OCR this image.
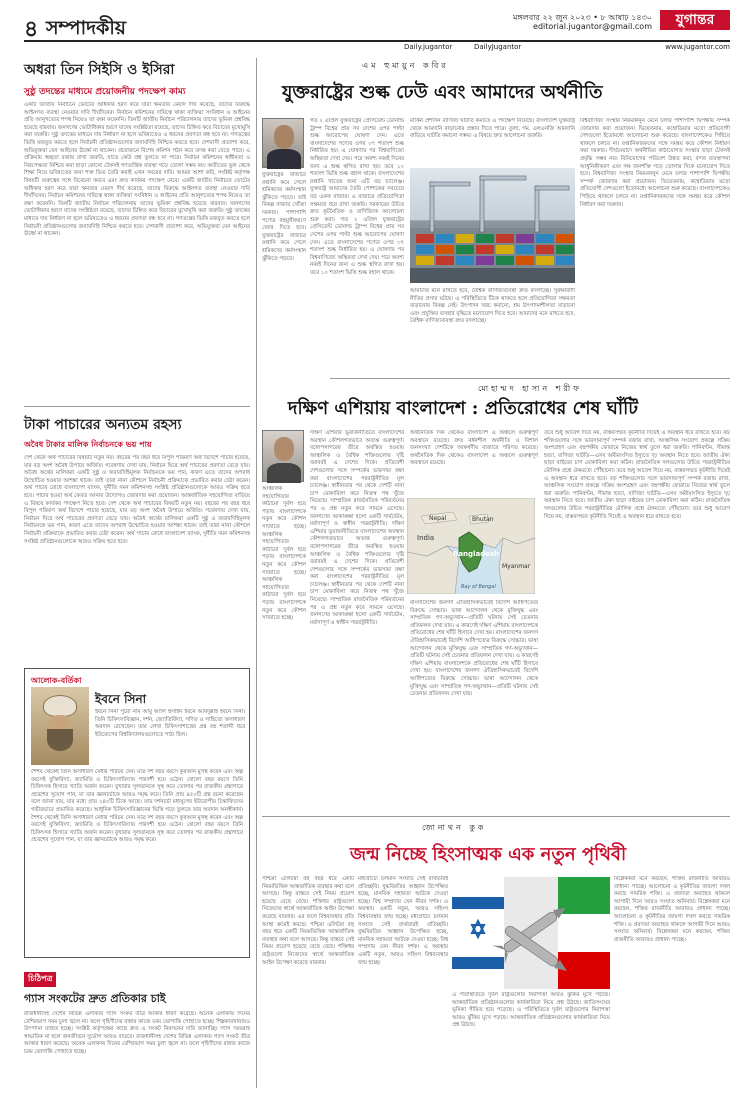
৪ সম্পাদকীয়	মঙ্গলবার ২২ জুন ২০২৩ • ৮ আষাঢ় ১৪৩০
editorial.jugantor@gmail.com	যুগান্তর
Daily.jugantor	DailyJugantor	www.jugantor.com
অধরা তিন সিইসি ও ইসিরা
সুষ্ঠু তদন্তের মাধ্যমে প্রয়োজনীয় পদক্ষেপ কাম্য
একটি জাতীয় নির্বাচনে ভোটের অধিকার হরণ করে যারা ক্ষমতার মেয়াদ দীর্ঘ করেছে, তাদের বিরুদ্ধে আইনগত ব্যবস্থা নেওয়ার দাবি দীর্ঘদিনের। নির্বাচন কমিশনের দায়িত্বে থাকা ব্যক্তিরা সংবিধান ও আইনের প্রতি আনুগত্যের শপথ নিয়েও তা রক্ষা করেননি। তিনটি জাতীয় নির্বাচন পরিচালনায় তাদের ভূমিকা প্রশ্নবিদ্ধ হয়েছে বারবার। জনগণের ভোটাধিকার হরণে যাদের সংশ্লিষ্টতা রয়েছে, তাদের চিহ্নিত করে বিচারের মুখোমুখি করা জরুরি। সুষ্ঠু তদন্তের মাধ্যমে দায় নির্ধারণ না হলে ভবিষ্যতেও এ ধরনের প্রবণতা বন্ধ হবে না। গণতন্ত্রের ভিত্তি মজবুত করতে হলে নির্বাচনী প্রতিষ্ঠানগুলোর জবাবদিহি নিশ্চিত করতে হবে। দেশবাসী প্রত্যাশা করে, অভিযুক্তরা যেন আইনের ঊর্ধ্বে না থাকেন। প্রয়োজনে বিশেষ কমিশন গঠন করে তদন্ত করা যেতে পারে। এ প্রক্রিয়ায় স্বচ্ছতা বজায় রাখা জরুরি, যাতে কেউ প্রশ্ন তুলতে না পারে। নির্বাচন কমিশনের স্বাধীনতা ও নিরপেক্ষতা নিশ্চিত করা ছাড়া কোনো টেকসই গণতান্ত্রিক ব্যবস্থা গড়ে তোলা সম্ভব নয়। অতীতের ভুল থেকে শিক্ষা নিয়ে ভবিষ্যতের জন্য শক্ত ভিত তৈরি করাই এখন সময়ের দাবি। আমরা আশা করি, সংশ্লিষ্ট কর্তৃপক্ষ বিষয়টি গুরুত্বের সঙ্গে বিবেচনা করবে এবং দ্রুত কার্যকর পদক্ষেপ নেবে। একটি জাতীয় নির্বাচনে ভোটের অধিকার হরণ করে যারা ক্ষমতার মেয়াদ দীর্ঘ করেছে, তাদের বিরুদ্ধে আইনগত ব্যবস্থা নেওয়ার দাবি দীর্ঘদিনের। নির্বাচন কমিশনের দায়িত্বে থাকা ব্যক্তিরা সংবিধান ও আইনের প্রতি আনুগত্যের শপথ নিয়েও তা রক্ষা করেননি। তিনটি জাতীয় নির্বাচন পরিচালনায় তাদের ভূমিকা প্রশ্নবিদ্ধ হয়েছে বারবার। জনগণের ভোটাধিকার হরণে যাদের সংশ্লিষ্টতা রয়েছে, তাদের চিহ্নিত করে বিচারের মুখোমুখি করা জরুরি। সুষ্ঠু তদন্তের মাধ্যমে দায় নির্ধারণ না হলে ভবিষ্যতেও এ ধরনের প্রবণতা বন্ধ হবে না। গণতন্ত্রের ভিত্তি মজবুত করতে হলে নির্বাচনী প্রতিষ্ঠানগুলোর জবাবদিহি নিশ্চিত করতে হবে। দেশবাসী প্রত্যাশা করে, অভিযুক্তরা যেন আইনের ঊর্ধ্বে না থাকেন।
টাকা পাচারের অন্যতম রহস্য
অবৈধ টাকার মালিক নির্বাচনকে ভয় পায়
দেশ থেকে অর্থ পাচারের বিষয়টি নতুন নয়। বছরের পর বছর ধরে বিপুল পরিমাণ অর্থ বিদেশে পাচার হয়েছে, যার বড় অংশ অবৈধ উপায়ে অর্জিত। গবেষণায় দেখা যায়, নির্বাচন ঘিরে অর্থ পাচারের প্রবণতা বেড়ে যায়। অবৈধ অর্থের মালিকরা একটি সুষ্ঠু ও জবাবদিহিমূলক নির্বাচনকে ভয় পান, কারণ এতে তাদের অপরাধ উন্মোচিত হওয়ার আশঙ্কা থাকে। তাই তারা নানা কৌশলে নির্বাচনী প্রক্রিয়াকে প্রভাবিত করার চেষ্টা করেন। অর্থ পাচার রোধে বাংলাদেশ ব্যাংক, দুর্নীতি দমন কমিশনসহ সংশ্লিষ্ট প্রতিষ্ঠানগুলোকে আরও সক্রিয় হতে হবে। পাচার হওয়া অর্থ ফেরত আনার উদ্যোগও জোরদার করা প্রয়োজন। আন্তর্জাতিক সহযোগিতা বাড়িয়ে এ বিষয়ে কার্যকর পদক্ষেপ নিতে হবে। দেশ থেকে অর্থ পাচারের বিষয়টি নতুন নয়। বছরের পর বছর ধরে বিপুল পরিমাণ অর্থ বিদেশে পাচার হয়েছে, যার বড় অংশ অবৈধ উপায়ে অর্জিত। গবেষণায় দেখা যায়, নির্বাচন ঘিরে অর্থ পাচারের প্রবণতা বেড়ে যায়। অবৈধ অর্থের মালিকরা একটি সুষ্ঠু ও জবাবদিহিমূলক নির্বাচনকে ভয় পান, কারণ এতে তাদের অপরাধ উন্মোচিত হওয়ার আশঙ্কা থাকে। তাই তারা নানা কৌশলে নির্বাচনী প্রক্রিয়াকে প্রভাবিত করার চেষ্টা করেন। অর্থ পাচার রোধে বাংলাদেশ ব্যাংক, দুর্নীতি দমন কমিশনসহ সংশ্লিষ্ট প্রতিষ্ঠানগুলোকে আরও সক্রিয় হতে হবে।
আলোক-বর্তিকা
ইবনে সিনা
ইবনে সিনা পুরো নাম আবু আলি হুসাইন ইবনে আবদুল্লাহ ইবনে সিনা। তিনি চিকিৎসাবিজ্ঞান, দর্শন, জ্যোতির্বিদ্যা, গণিত ও সাহিত্যে অসাধারণ অবদান রেখেছেন। তার লেখা চিকিৎসাশাস্ত্রের গ্রন্থ বহু শতাব্দী ধরে ইউরোপের বিশ্ববিদ্যালয়গুলোতে পাঠ্য ছিল।
শৈশব থেকেই তিনি অসাধারণ মেধার পরিচয় দেন। মাত্র দশ বছর বয়সে কুরআন মুখস্থ করেন এবং অল্প বয়সেই যুক্তিবিদ্যা, জ্যামিতি ও চিকিৎসাবিদ্যায় পারদর্শী হয়ে ওঠেন। ষোলো বছর বয়সে তিনি চিকিৎসক হিসাবে খ্যাতি অর্জন করেন। বুখারার সুলতানকে সুস্থ করে তোলার পর রাজকীয় গ্রন্থাগারে প্রবেশের সুযোগ পান, যা তার জ্ঞানচর্চাকে আরও সমৃদ্ধ করে। তিনি প্রায় ৪৫০টি গ্রন্থ রচনা করেছেন বলে জানা যায়, যার মধ্যে প্রায় ২৪০টি টিকে আছে। তার দর্শনচর্চা মধ্যযুগের ইউরোপীয় চিন্তাবিদদের গভীরভাবে প্রভাবিত করেছে। আধুনিক চিকিৎসাবিজ্ঞানের ভিত্তি গড়ে তুলতে তার অবদান অনস্বীকার্য। শৈশব থেকেই তিনি অসাধারণ মেধার পরিচয় দেন। মাত্র দশ বছর বয়সে কুরআন মুখস্থ করেন এবং অল্প বয়সেই যুক্তিবিদ্যা, জ্যামিতি ও চিকিৎসাবিদ্যায় পারদর্শী হয়ে ওঠেন। ষোলো বছর বয়সে তিনি চিকিৎসক হিসাবে খ্যাতি অর্জন করেন। বুখারার সুলতানকে সুস্থ করে তোলার পর রাজকীয় গ্রন্থাগারে প্রবেশের সুযোগ পান, যা তার জ্ঞানচর্চাকে আরও সমৃদ্ধ করে।
চিঠিপত্র
গ্যাস সংকটের দ্রুত প্রতিকার চাই
রাজধানীসহ দেশের বিভিন্ন এলাকায় গ্যাস সংকট তীব্র আকার ধারণ করেছে। অনেক এলাকায় দিনের বেশিরভাগ সময় চুলা জ্বলে না। ফলে গৃহিণীদের রান্নার কাজে চরম ভোগান্তি পোহাতে হচ্ছে। শিল্পকারখানায়ও উৎপাদন ব্যাহত হচ্ছে। সংশ্লিষ্ট কর্তৃপক্ষের কাছে দ্রুত এ সংকট নিরসনের দাবি জানাচ্ছি। গ্যাস সরবরাহ স্বাভাবিক না হলে জনজীবনে দুর্ভোগ আরও বাড়বে। রাজধানীসহ দেশের বিভিন্ন এলাকায় গ্যাস সংকট তীব্র আকার ধারণ করেছে। অনেক এলাকায় দিনের বেশিরভাগ সময় চুলা জ্বলে না। ফলে গৃহিণীদের রান্নার কাজে চরম ভোগান্তি পোহাতে হচ্ছে।
এম হুমায়ুন কবির
যুক্তরাষ্ট্রের শুল্ক ঢেউ এবং আমাদের অর্থনীতি
গত ২ এপ্রিল যুক্তরাষ্ট্রের প্রেসিডেন্ট ডোনাল্ড ট্রাম্প বিশ্বের প্রায় সব দেশের ওপর পাল্টা শুল্ক আরোপের ঘোষণা দেন। এতে বাংলাদেশের পণ্যের ওপর ৩৭ শতাংশ শুল্ক নির্ধারিত হয়। এ ঘোষণার পর বিশ্ববাণিজ্যে অস্থিরতা দেখা দেয়। পরে অবশ্য নব্বই দিনের জন্য এ শুল্ক স্থগিত রাখা হয়। তবে ১০ শতাংশ ভিত্তি শুল্ক বহাল থাকে। বাংলাদেশের রপ্তানি খাতের জন্য এটি বড় চ্যালেঞ্জ। যুক্তরাষ্ট্র আমাদের তৈরি পোশাকের সবচেয়ে বড় একক বাজার। এ বাজারে প্রতিযোগিতা সক্ষমতা ধরে রাখা জরুরি। সরকারের উচিত দ্রুত কূটনৈতিক ও বাণিজ্যিক আলোচনা শুরু করা। গত ২ এপ্রিল যুক্তরাষ্ট্রের প্রেসিডেন্ট ডোনাল্ড ট্রাম্প বিশ্বের প্রায় সব দেশের ওপর পাল্টা শুল্ক আরোপের ঘোষণা দেন। এতে বাংলাদেশের পণ্যের ওপর ৩৭ শতাংশ শুল্ক নির্ধারিত হয়। এ ঘোষণার পর বিশ্ববাণিজ্যে অস্থিরতা দেখা দেয়। পরে অবশ্য নব্বই দিনের জন্য এ শুল্ক স্থগিত রাখা হয়। তবে ১০ শতাংশ ভিত্তি শুল্ক বহাল থাকে।
যুক্তরাষ্ট্রের বাজারে রপ্তানি কমে গেলে শ্রমিকদের কর্মসংস্থান ঝুঁকিতে পড়বে। তাই বিকল্প বাজার খোঁজা দরকার। পাশাপাশি পণ্যের বহুমুখীকরণে জোর দিতে হবে। যুক্তরাষ্ট্রের বাজারে রপ্তানি কমে গেলে শ্রমিকদের কর্মসংস্থান ঝুঁকিতে পড়বে।
মার্কিন প্রশাসন বাণিজ্য ঘাটতি কমাতে এ পদক্ষেপ নিয়েছে। বাংলাদেশ যুক্তরাষ্ট্র থেকে আমদানি বাড়ানোর প্রস্তাব দিতে পারে। তুলা, গম, এলএনজি আমদানি বাড়িয়ে ঘাটতি কমানো সম্ভব। এ বিষয়ে দ্রুত আলোচনা জরুরি।
বিশ্ববাণিজ্য সংস্থার নিয়মকানুন মেনে চলার পাশাপাশি দ্বিপক্ষীয় সম্পর্ক জোরদার করা প্রয়োজন। ভিয়েতনাম, কম্বোডিয়ার মতো প্রতিযোগী দেশগুলো ইতোমধ্যে আলোচনা শুরু করেছে। বাংলাদেশকেও পিছিয়ে থাকলে চলবে না। রপ্তানিকারকদের সঙ্গে সমন্বয় করে কৌশল নির্ধারণ করা দরকার। দীর্ঘমেয়াদে অর্থনীতির কাঠামোগত সংস্কার ছাড়া টেকসই প্রবৃদ্ধি সম্ভব নয়। বিনিয়োগের পরিবেশ উন্নত করা, বন্দর ব্যবস্থাপনা আধুনিকীকরণ এবং দক্ষ জনশক্তি গড়ে তোলার দিকে মনোযোগ দিতে হবে। বিশ্ববাণিজ্য সংস্থার নিয়মকানুন মেনে চলার পাশাপাশি দ্বিপক্ষীয় সম্পর্ক জোরদার করা প্রয়োজন। ভিয়েতনাম, কম্বোডিয়ার মতো প্রতিযোগী দেশগুলো ইতোমধ্যে আলোচনা শুরু করেছে। বাংলাদেশকেও পিছিয়ে থাকলে চলবে না। রপ্তানিকারকদের সঙ্গে সমন্বয় করে কৌশল নির্ধারণ করা দরকার।
আমাদের মনে রাখতে হবে, বৈশ্বিক বাণিজ্যব্যবস্থা দ্রুত বদলাচ্ছে। সুরক্ষাবাদী নীতির প্রসার ঘটছে। এ পরিস্থিতিতে টিকে থাকতে হলে প্রতিযোগিতা সক্ষমতা বাড়ানোর বিকল্প নেই। উৎপাদন খরচ কমানো, শ্রম উৎপাদনশীলতা বাড়ানো এবং প্রযুক্তির ব্যবহার বৃদ্ধিতে মনোযোগ দিতে হবে। আমাদের মনে রাখতে হবে, বৈশ্বিক বাণিজ্যব্যবস্থা দ্রুত বদলাচ্ছে।
মোহাম্মদ হাসান শরীফ
দক্ষিণ এশিয়ায় বাংলাদেশ : প্রতিরোধের শেষ ঘাঁটি
দক্ষিণ এশিয়ার ভূরাজনীতিতে বাংলাদেশের অবস্থান কৌশলগতভাবে অত্যন্ত গুরুত্বপূর্ণ। বঙ্গোপসাগরের তীরে অবস্থিত হওয়ায় আঞ্চলিক ও বৈশ্বিক শক্তিগুলোর দৃষ্টি বরাবরই এ দেশের দিকে। প্রতিবেশী দেশগুলোর সঙ্গে সম্পর্কের ভারসাম্য রক্ষা করা বাংলাদেশের পররাষ্ট্রনীতির মূল চ্যালেঞ্জ। স্বাধীনতার পর থেকে দেশটি নানা চাপ মোকাবিলা করে নিজস্ব পথ খুঁজে নিয়েছে। সাম্প্রতিক রাজনৈতিক পরিবর্তনের পর এ প্রশ্ন নতুন করে সামনে এসেছে। জনগণের আকাঙ্ক্ষা হলো একটি সার্বভৌম, মর্যাদাপূর্ণ ও স্বাধীন পররাষ্ট্রনীতি। দক্ষিণ এশিয়ার ভূরাজনীতিতে বাংলাদেশের অবস্থান কৌশলগতভাবে অত্যন্ত গুরুত্বপূর্ণ। বঙ্গোপসাগরের তীরে অবস্থিত হওয়ায় আঞ্চলিক ও বৈশ্বিক শক্তিগুলোর দৃষ্টি বরাবরই এ দেশের দিকে। প্রতিবেশী দেশগুলোর সঙ্গে সম্পর্কের ভারসাম্য রক্ষা করা বাংলাদেশের পররাষ্ট্রনীতির মূল চ্যালেঞ্জ। স্বাধীনতার পর থেকে দেশটি নানা চাপ মোকাবিলা করে নিজস্ব পথ খুঁজে নিয়েছে। সাম্প্রতিক রাজনৈতিক পরিবর্তনের পর এ প্রশ্ন নতুন করে সামনে এসেছে। জনগণের আকাঙ্ক্ষা হলো একটি সার্বভৌম, মর্যাদাপূর্ণ ও স্বাধীন পররাষ্ট্রনীতি।
আঞ্চলিক সহযোগিতার কাঠামো দুর্বল হয়ে পড়ায় বাংলাদেশকে নতুন করে কৌশল সাজাতে হচ্ছে। আঞ্চলিক সহযোগিতার কাঠামো দুর্বল হয়ে পড়ায় বাংলাদেশকে নতুন করে কৌশল সাজাতে হচ্ছে। আঞ্চলিক সহযোগিতার কাঠামো দুর্বল হয়ে পড়ায় বাংলাদেশকে নতুন করে কৌশল সাজাতে হচ্ছে।
অর্থনৈতিক দিক থেকেও বাংলাদেশ এ অঞ্চলে গুরুত্বপূর্ণ অবস্থানে রয়েছে। দ্রুত বর্ধনশীল অর্থনীতি ও বিশাল জনসংখ্যা দেশটিকে আকর্ষণীয় বাজারে পরিণত করেছে। অর্থনৈতিক দিক থেকেও বাংলাদেশ এ অঞ্চলে গুরুত্বপূর্ণ অবস্থানে রয়েছে।
Nepal	Bhutan
India
Bangladesh
Myanmar
Bay of Bengal
বাংলাদেশের জনগণ ঐতিহাসিকভাবেই বিদেশি আধিপত্যের বিরুদ্ধে সোচ্চার। ভাষা আন্দোলন থেকে মুক্তিযুদ্ধ এবং সাম্প্রতিক গণ-অভ্যুত্থান—প্রতিটি ঘটনায় সেই চেতনার প্রতিফলন দেখা যায়। এ কারণেই দক্ষিণ এশিয়ায় বাংলাদেশকে প্রতিরোধের শেষ ঘাঁটি হিসাবে দেখা হয়। বাংলাদেশের জনগণ ঐতিহাসিকভাবেই বিদেশি আধিপত্যের বিরুদ্ধে সোচ্চার। ভাষা আন্দোলন থেকে মুক্তিযুদ্ধ এবং সাম্প্রতিক গণ-অভ্যুত্থান—প্রতিটি ঘটনায় সেই চেতনার প্রতিফলন দেখা যায়। এ কারণেই দক্ষিণ এশিয়ায় বাংলাদেশকে প্রতিরোধের শেষ ঘাঁটি হিসাবে দেখা হয়। বাংলাদেশের জনগণ ঐতিহাসিকভাবেই বিদেশি আধিপত্যের বিরুদ্ধে সোচ্চার। ভাষা আন্দোলন থেকে মুক্তিযুদ্ধ এবং সাম্প্রতিক গণ-অভ্যুত্থান—প্রতিটি ঘটনায় সেই চেতনার প্রতিফলন দেখা যায়।
তবে শুধু আবেগ দিয়ে নয়, বাস্তবসম্মত কূটনীতি দিয়েই এ অবস্থান ধরে রাখতে হবে। বড় শক্তিগুলোর সঙ্গে ভারসাম্যপূর্ণ সম্পর্ক বজায় রাখা, আঞ্চলিক সংযোগ প্রকল্পে সক্রিয় অংশগ্রহণ এবং বহুপক্ষীয় ফোরামে নিজের স্বার্থ তুলে ধরা জরুরি। পানিবণ্টন, সীমান্ত হত্যা, বাণিজ্য ঘাটতি—এসব অমীমাংসিত ইস্যুতে দৃঢ় অবস্থান নিতে হবে। জাতীয় ঐক্য ছাড়া বাইরের চাপ মোকাবিলা করা কঠিন। রাজনৈতিক দলগুলোর উচিত পররাষ্ট্রনীতির মৌলিক প্রশ্নে ঐকমত্যে পৌঁছানো। তবে শুধু আবেগ দিয়ে নয়, বাস্তবসম্মত কূটনীতি দিয়েই এ অবস্থান ধরে রাখতে হবে। বড় শক্তিগুলোর সঙ্গে ভারসাম্যপূর্ণ সম্পর্ক বজায় রাখা, আঞ্চলিক সংযোগ প্রকল্পে সক্রিয় অংশগ্রহণ এবং বহুপক্ষীয় ফোরামে নিজের স্বার্থ তুলে ধরা জরুরি। পানিবণ্টন, সীমান্ত হত্যা, বাণিজ্য ঘাটতি—এসব অমীমাংসিত ইস্যুতে দৃঢ় অবস্থান নিতে হবে। জাতীয় ঐক্য ছাড়া বাইরের চাপ মোকাবিলা করা কঠিন। রাজনৈতিক দলগুলোর উচিত পররাষ্ট্রনীতির মৌলিক প্রশ্নে ঐকমত্যে পৌঁছানো। তবে শুধু আবেগ দিয়ে নয়, বাস্তবসম্মত কূটনীতি দিয়েই এ অবস্থান ধরে রাখতে হবে।
জোনাথন কুক
জন্ম নিচ্ছে হিংসাত্মক এক নতুন পৃথিবী
পশ্চিমা এলিটরা বহু বছর ধরে একটি নিয়মভিত্তিক আন্তর্জাতিক ব্যবস্থার কথা বলে আসছে। কিন্তু বাস্তবে সেই নিয়ম প্রয়োগ হয়েছে বেছে বেছে। শক্তিধর রাষ্ট্রগুলো নিজেদের স্বার্থে আন্তর্জাতিক আইন উপেক্ষা করেছে বারবার। এর ফলে বিশ্বব্যবস্থার প্রতি আস্থা ক্রমেই কমছে। পশ্চিমা এলিটরা বহু বছর ধরে একটি নিয়মভিত্তিক আন্তর্জাতিক ব্যবস্থার কথা বলে আসছে। কিন্তু বাস্তবে সেই নিয়ম প্রয়োগ হয়েছে বেছে বেছে। শক্তিধর রাষ্ট্রগুলো নিজেদের স্বার্থে আন্তর্জাতিক আইন উপেক্ষা করেছে বারবার।
মধ্যপ্রাচ্যে চলমান সংঘাত সেই ব্যর্থতারই প্রতিচ্ছবি। যুদ্ধবিরতির আহ্বান উপেক্ষিত হচ্ছে, মানবিক সহায়তা আটকে দেওয়া হচ্ছে। বিশ্ব সম্প্রদায় যেন নীরব দর্শক। এ অবস্থায় একটি নতুন, আরও সহিংস বিশ্বব্যবস্থার জন্ম হচ্ছে। মধ্যপ্রাচ্যে চলমান সংঘাত সেই ব্যর্থতারই প্রতিচ্ছবি। যুদ্ধবিরতির আহ্বান উপেক্ষিত হচ্ছে, মানবিক সহায়তা আটকে দেওয়া হচ্ছে। বিশ্ব সম্প্রদায় যেন নীরব দর্শক। এ অবস্থায় একটি নতুন, আরও সহিংস বিশ্বব্যবস্থার জন্ম হচ্ছে।
এ পরিস্থিতিতে দুর্বল রাষ্ট্রগুলোর নিরাপত্তা আরও ঝুঁকির মুখে পড়ছে। আন্তর্জাতিক প্রতিষ্ঠানগুলোর কার্যকারিতা নিয়ে প্রশ্ন উঠছে। জাতিসংঘের ভূমিকা সীমিত হয়ে পড়েছে। এ পরিস্থিতিতে দুর্বল রাষ্ট্রগুলোর নিরাপত্তা আরও ঝুঁকির মুখে পড়ছে। আন্তর্জাতিক প্রতিষ্ঠানগুলোর কার্যকারিতা নিয়ে প্রশ্ন উঠছে।
বিশ্লেষকরা মনে করছেন, শক্তির রাজনীতি আবারও প্রাধান্য পাচ্ছে। আলোচনা ও কূটনীতির জায়গা দখল করছে সামরিক শক্তি। এ প্রবণতা অব্যাহত থাকলে আগামী দিনে আরও সংঘাত অনিবার্য। বিশ্লেষকরা মনে করছেন, শক্তির রাজনীতি আবারও প্রাধান্য পাচ্ছে। আলোচনা ও কূটনীতির জায়গা দখল করছে সামরিক শক্তি। এ প্রবণতা অব্যাহত থাকলে আগামী দিনে আরও সংঘাত অনিবার্য। বিশ্লেষকরা মনে করছেন, শক্তির রাজনীতি আবারও প্রাধান্য পাচ্ছে।
